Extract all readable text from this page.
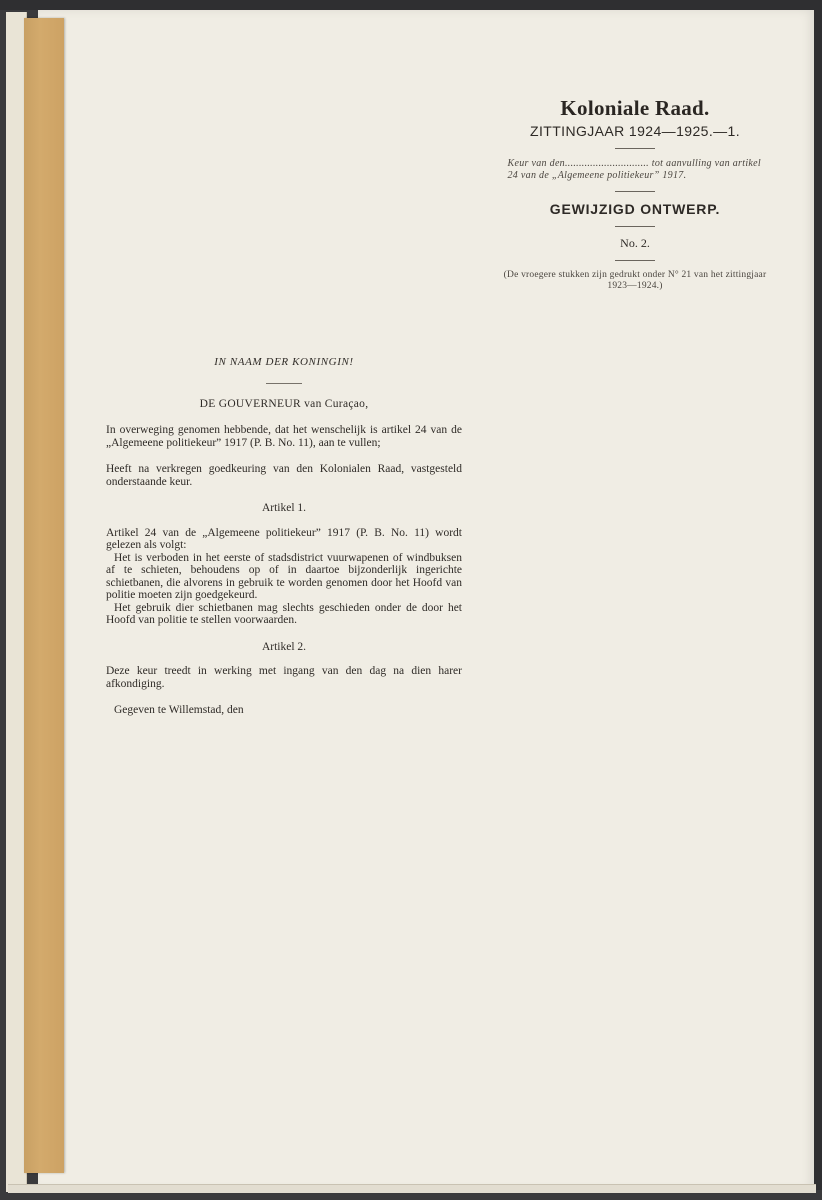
Koloniale Raad.
ZITTINGJAAR 1924—1925.—1.
Keur van den.............................. tot aanvulling van artikel 24 van de „Algemeene politiekeur” 1917.
GEWIJZIGD ONTWERP.
No. 2.
(De vroegere stukken zijn gedrukt onder N° 21 van het zittingjaar 1923—1924.)
IN NAAM DER KONINGIN!
DE GOUVERNEUR van Curaçao,

In overweging genomen hebbende, dat het wenschelijk is artikel 24 van de „Algemeene politiekeur” 1917 (P. B. No. 11), aan te vullen;

Heeft na verkregen goedkeuring van den Kolonialen Raad, vastgesteld onderstaande keur.

Artikel 1.

Artikel 24 van de „Algemeene politiekeur” 1917 (P. B. No. 11) wordt gelezen als volgt:

Het is verboden in het eerste of stadsdistrict vuurwapenen of windbuksen af te schieten, behoudens op of in daartoe bijzonderlijk ingerichte schietbanen, die alvorens in gebruik te worden genomen door het Hoofd van politie moeten zijn goedgekeurd.

Het gebruik dier schietbanen mag slechts geschieden onder de door het Hoofd van politie te stellen voorwaarden.

Artikel 2.

Deze keur treedt in werking met ingang van den dag na dien harer afkondiging.

Gegeven te Willemstad, den
